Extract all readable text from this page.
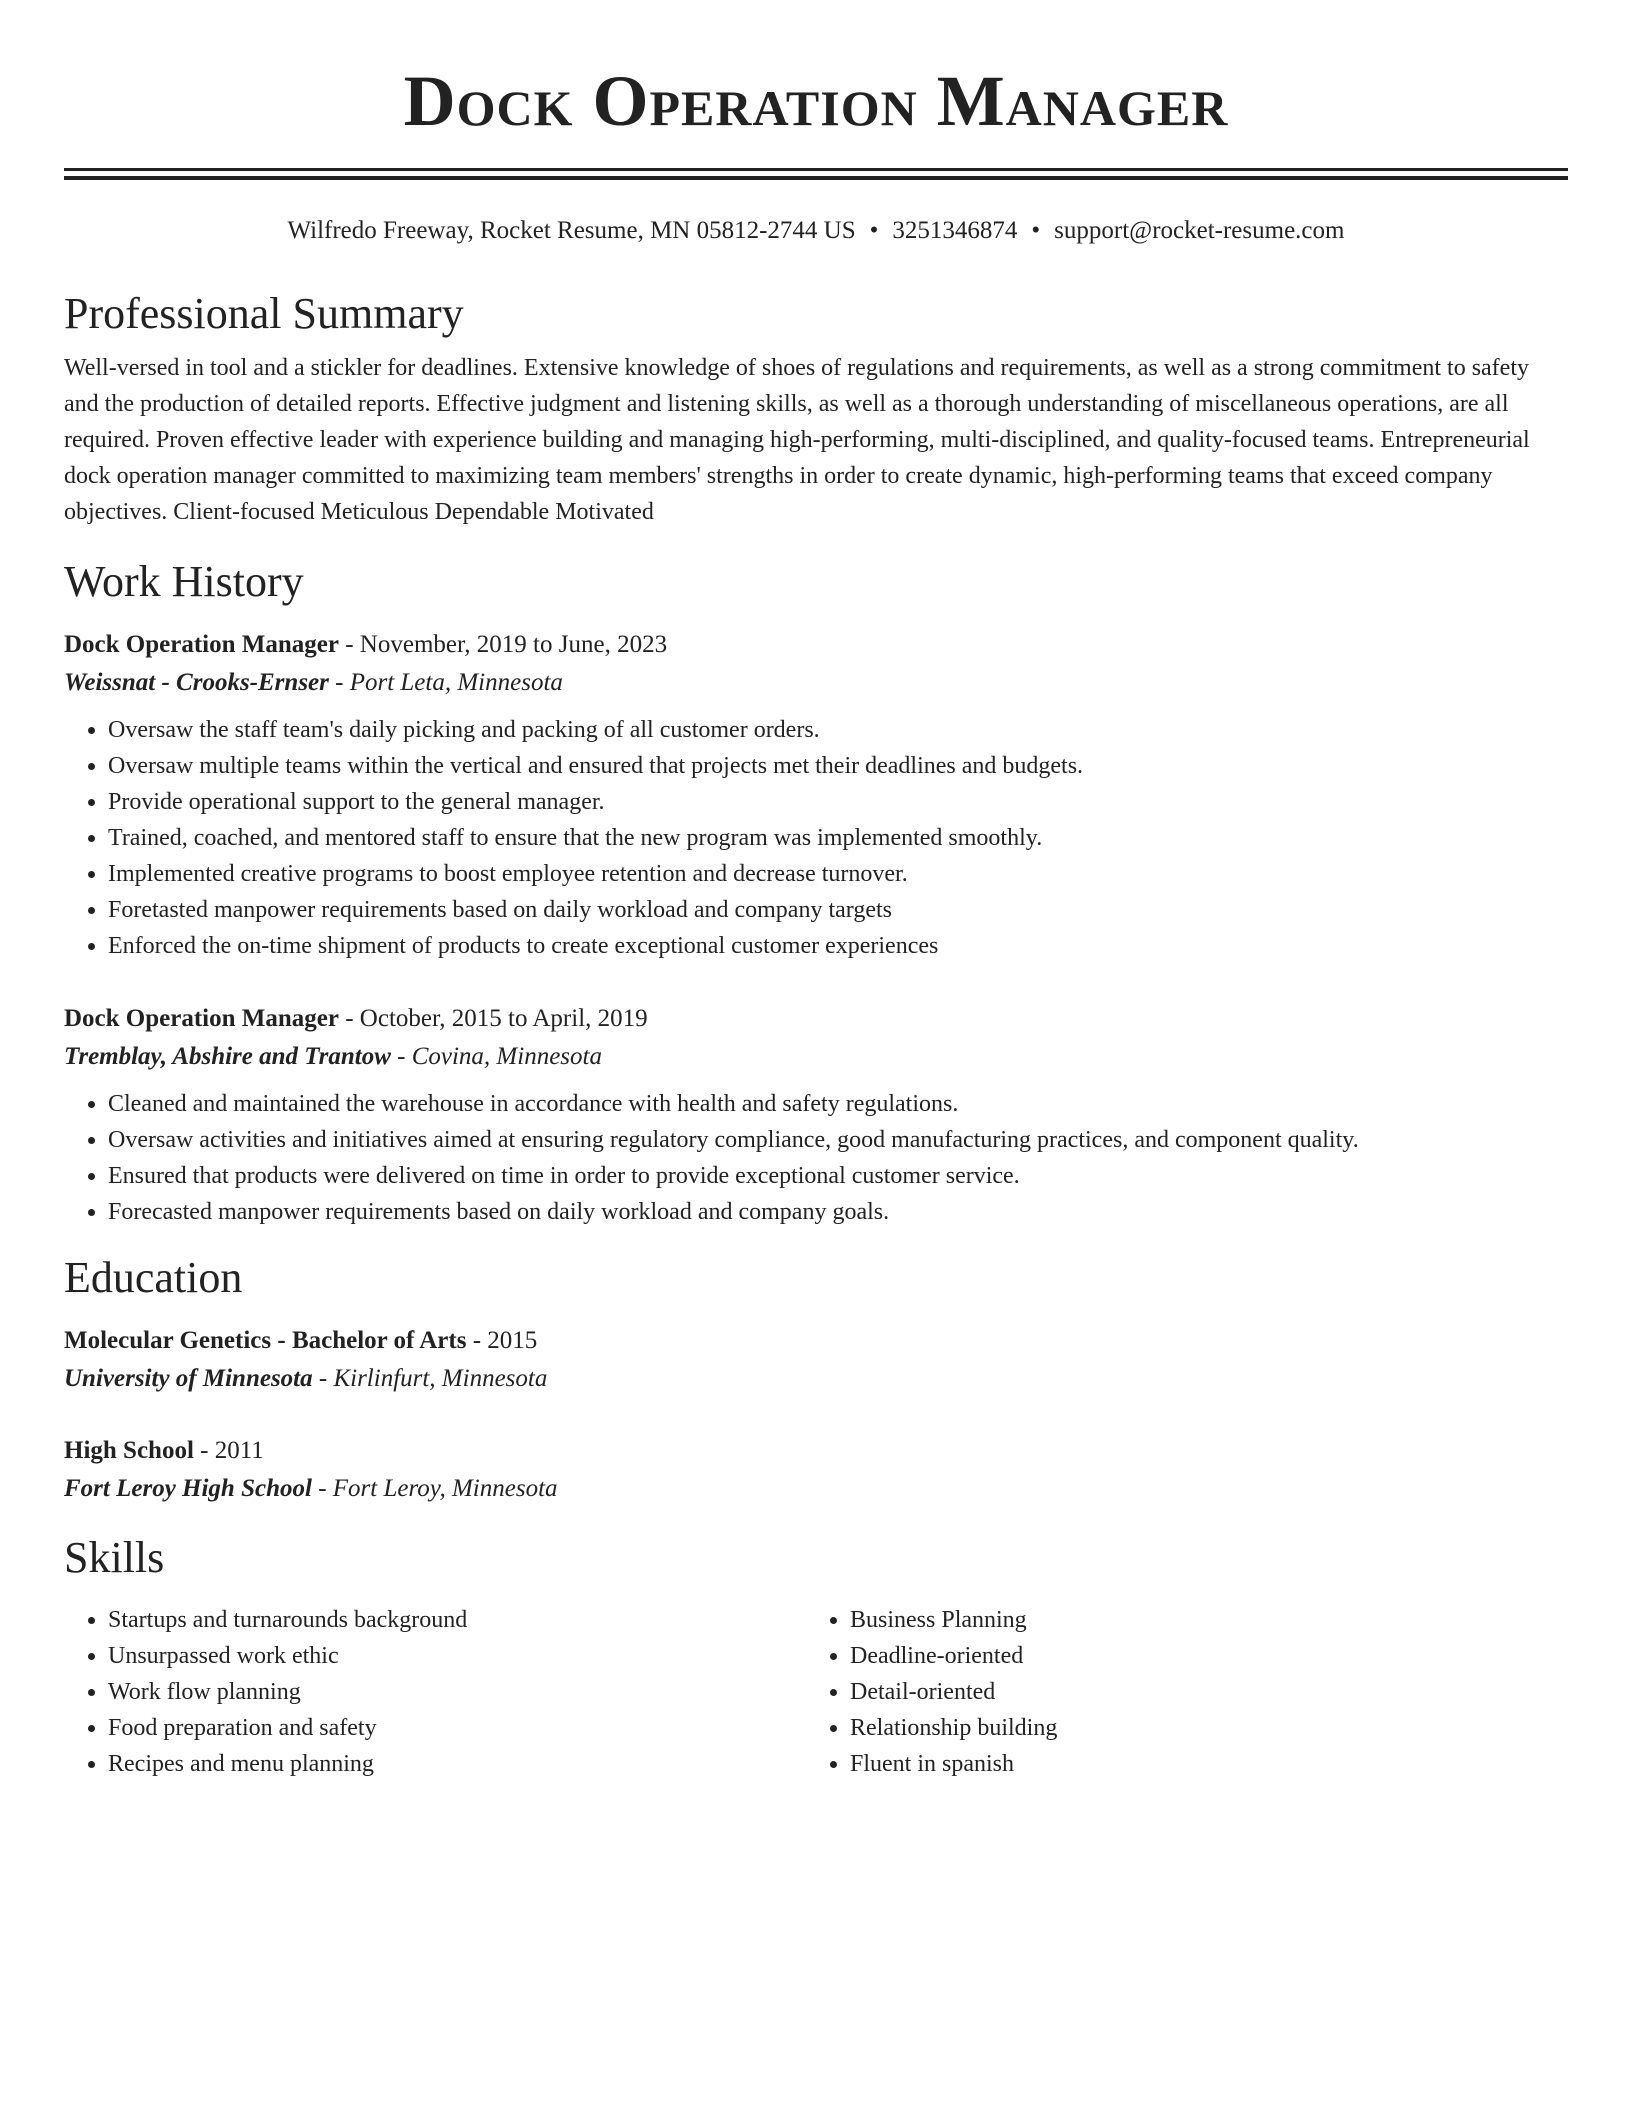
Dock Operation Manager
Wilfredo Freeway, Rocket Resume, MN 05812-2744 US • 3251346874 • support@rocket-resume.com
Professional Summary

Well-versed in tool and a stickler for deadlines. Extensive knowledge of shoes of regulations and requirements, as well as a strong commitment to safety and the production of detailed reports. Effective judgment and listening skills, as well as a thorough understanding of miscellaneous operations, are all required. Proven effective leader with experience building and managing high-performing, multi-disciplined, and quality-focused teams. Entrepreneurial dock operation manager committed to maximizing team members' strengths in order to create dynamic, high-performing teams that exceed company objectives. Client-focused Meticulous Dependable Motivated

Work History
Dock Operation Manager - November, 2019 to June, 2023
Weissnat - Crooks-Ernser - Port Leta, Minnesota
• Oversaw the staff team's daily picking and packing of all customer orders.
• Oversaw multiple teams within the vertical and ensured that projects met their deadlines and budgets.
• Provide operational support to the general manager.
• Trained, coached, and mentored staff to ensure that the new program was implemented smoothly.
• Implemented creative programs to boost employee retention and decrease turnover.
• Foretasted manpower requirements based on daily workload and company targets
• Enforced the on-time shipment of products to create exceptional customer experiences
Dock Operation Manager - October, 2015 to April, 2019
Tremblay, Abshire and Trantow - Covina, Minnesota
• Cleaned and maintained the warehouse in accordance with health and safety regulations.
• Oversaw activities and initiatives aimed at ensuring regulatory compliance, good manufacturing practices, and component quality.
• Ensured that products were delivered on time in order to provide exceptional customer service.
• Forecasted manpower requirements based on daily workload and company goals.
Education
Molecular Genetics - Bachelor of Arts - 2015
University of Minnesota - Kirlinfurt, Minnesota
High School - 2011
Fort Leroy High School - Fort Leroy, Minnesota
Skills
• Startups and turnarounds background
• Unsurpassed work ethic
• Work flow planning
• Food preparation and safety
• Recipes and menu planning
• Business Planning
• Deadline-oriented
• Detail-oriented
• Relationship building
• Fluent in spanish
